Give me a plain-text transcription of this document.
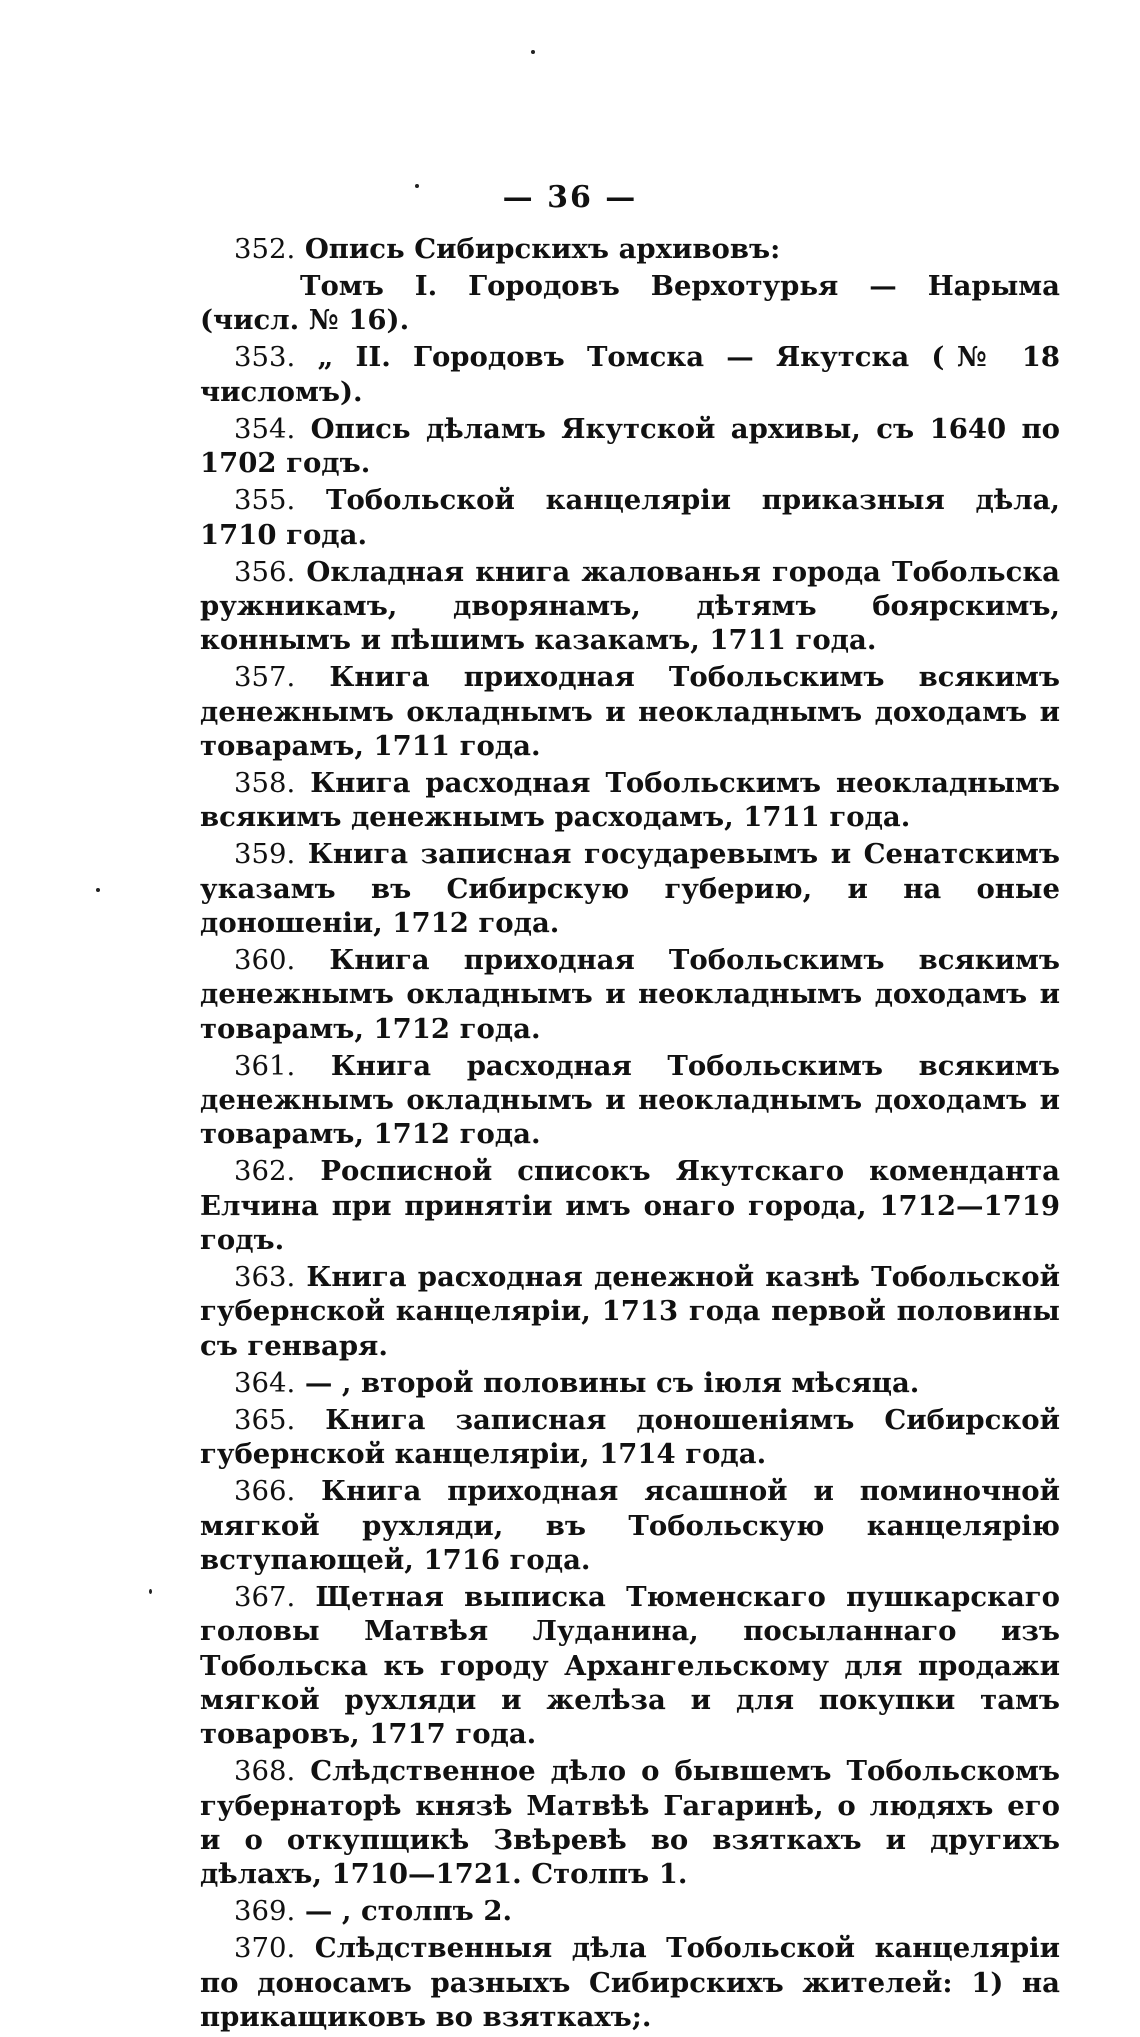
— 36 —

352. Опись Сибирскихъ архивовъ:

Томъ I. Городовъ Верхотурья — Нарыма (числ. № 16).

353. „ II. Городовъ Томска — Якутска (№ 18 числомъ).

354. Опись дѣламъ Якутской архивы, съ 1640 по 1702 годъ.

355. Тобольской канцеляріи приказныя дѣла, 1710 года.

356. Окладная книга жалованья города Тобольска ружникамъ, дворянамъ, дѣтямъ боярскимъ, коннымъ и пѣшимъ казакамъ, 1711 года.

357. Книга приходная Тобольскимъ всякимъ денежнымъ окладнымъ и неокладнымъ доходамъ и товарамъ, 1711 года.

358. Книга расходная Тобольскимъ неокладнымъ всякимъ денежнымъ расходамъ, 1711 года.

359. Книга записная государевымъ и Сенатскимъ указамъ въ Сибирскую губерию, и на оные доношеніи, 1712 года.

360. Книга приходная Тобольскимъ всякимъ денежнымъ окладнымъ и неокладнымъ доходамъ и товарамъ, 1712 года.

361. Книга расходная Тобольскимъ всякимъ денежнымъ окладнымъ и неокладнымъ доходамъ и товарамъ, 1712 года.

362. Росписной списокъ Якутскаго коменданта Елчина при принятіи имъ онаго города, 1712—1719 годъ.

363. Книга расходная денежной казнѣ Тобольской губернской канцеляріи, 1713 года первой половины съ генваря.

364. — , второй половины съ іюля мѣсяца.

365. Книга записная доношеніямъ Сибирской губернской канцеляріи, 1714 года.

366. Книга приходная ясашной и поминочной мягкой рухляди, въ Тобольскую канцелярію вступающей, 1716 года.

367. Щетная выписка Тюменскаго пушкарскаго головы Матвѣя Луданина, посыланнаго изъ Тобольска къ городу Архангельскому для продажи мягкой рухляди и желѣза и для покупки тамъ товаровъ, 1717 года.

368. Слѣдственное дѣло о бывшемъ Тобольскомъ губернаторѣ князѣ Матвѣѣ Гагаринѣ, о людяхъ его и о откупщикѣ Звѣревѣ во взяткахъ и другихъ дѣлахъ, 1710—1721. Столпъ 1.

369. — , столпъ 2.

370. Слѣдственныя дѣла Тобольской канцеляріи по доносамъ разныхъ Сибирскихъ жителей: 1) на прикащиковъ во взяткахъ;.
